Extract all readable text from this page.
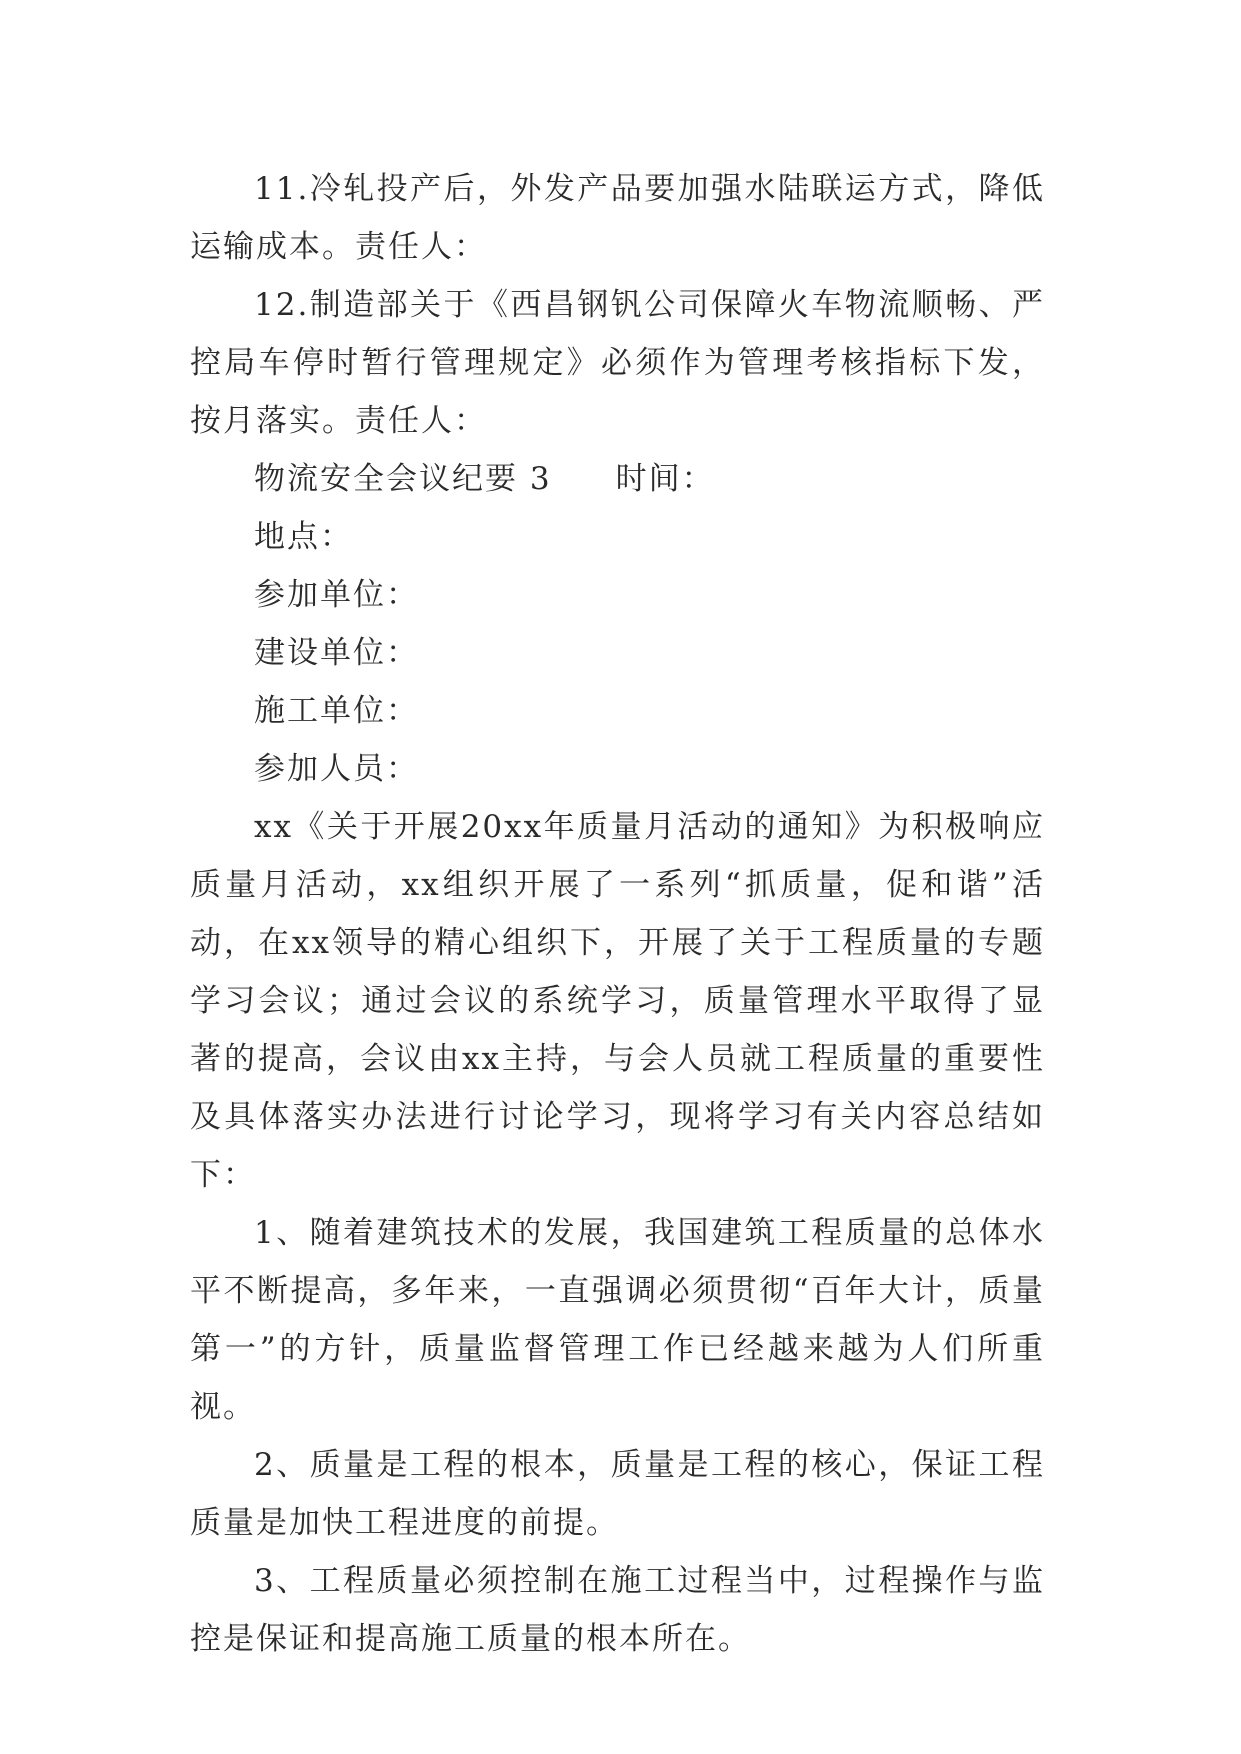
11.冷轧投产后，外发产品要加强水陆联运方式，降低运输成本。责任人：

12.制造部关于《西昌钢钒公司保障火车物流顺畅、严控局车停时暂行管理规定》必须作为管理考核指标下发，按月落实。责任人：

物流安全会议纪要 3 时间：

地点：

参加单位：

建设单位：

施工单位：

参加人员：

xx《关于开展20xx年质量月活动的通知》为积极响应质量月活动，xx组织开展了一系列“抓质量，促和谐”活动，在xx领导的精心组织下，开展了关于工程质量的专题学习会议；通过会议的系统学习，质量管理水平取得了显著的提高，会议由xx主持，与会人员就工程质量的重要性及具体落实办法进行讨论学习，现将学习有关内容总结如下：

1、随着建筑技术的发展，我国建筑工程质量的总体水平不断提高，多年来，一直强调必须贯彻“百年大计，质量第一”的方针，质量监督管理工作已经越来越为人们所重视。

2、质量是工程的根本，质量是工程的核心，保证工程质量是加快工程进度的前提。

3、工程质量必须控制在施工过程当中，过程操作与监控是保证和提高施工质量的根本所在。
